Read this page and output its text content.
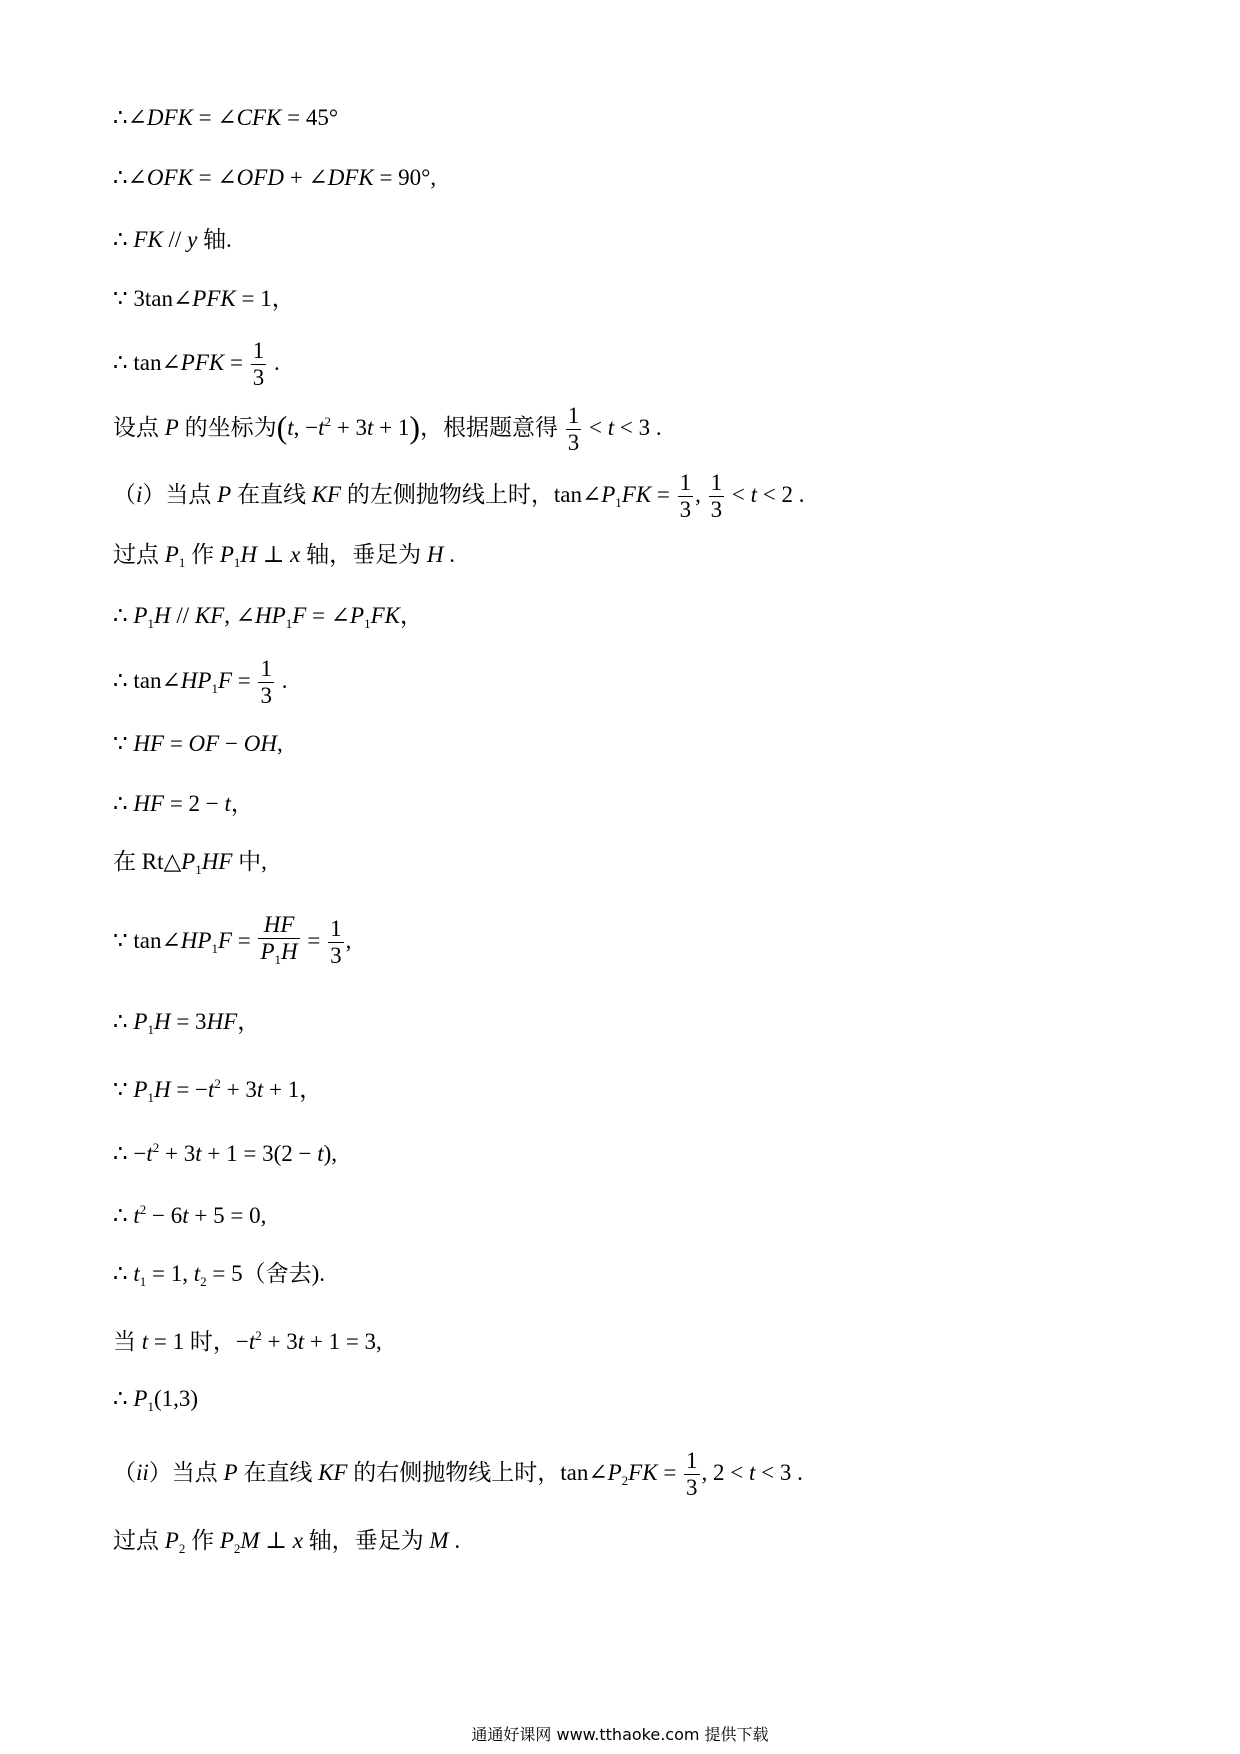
∴∠DFK = ∠CFK = 45°
∴∠OFK = ∠OFD + ∠DFK = 90°,
∴ FK // y 轴.
∵ 3tan∠PFK = 1，
∴ tan∠PFK = $\frac{1}{3}$ .
设点 P 的坐标为(t, $-t^2 + 3t + 1$)，根据题意得 $\frac{1}{3} < t < 3$ .
（i）当点 P 在直线 KF 的左侧抛物线上时，$\tan\angle P_1FK = \frac{1}{3}$ , $\frac{1}{3} < t < 2$ .
过点 $P_1$ 作 $P_1H$ ⊥ x 轴，垂足为 H .
∴ $P_1H$ // KF, $\angle HP_1F$ = $\angle P_1FK$，
∴ $\tan\angle HP_1F = \frac{1}{3}$ .
∵ HF = OF − OH,
∴ HF = 2 − t，
在 $Rt\triangle P_1HF$ 中,
∵ $\tan\angle HP_1F = \frac{HF}{P_1H} = \frac{1}{3}$ ,
∴ $P_1H = 3HF$，
∵ $P_1H = -t^2 + 3t + 1$，
∴ $-t^2 + 3t + 1 = 3(2 - t)$,
∴ $t^2 - 6t + 5 = 0$,
∴ $t_1 = 1$, $t_2 = 5$（舍去).
当 t = 1 时，$-t^2 + 3t + 1 = 3$,
∴ $P_1(1,3)$
（ii）当点 P 在直线 KF 的右侧抛物线上时，$\tan\angle P_2FK = \frac{1}{3}$ , 2 < t < 3 .
过点 $P_2$ 作 $P_2M$ ⊥ x 轴，垂足为 M .
通通好课网 www.tthaoke.com 提供下载
